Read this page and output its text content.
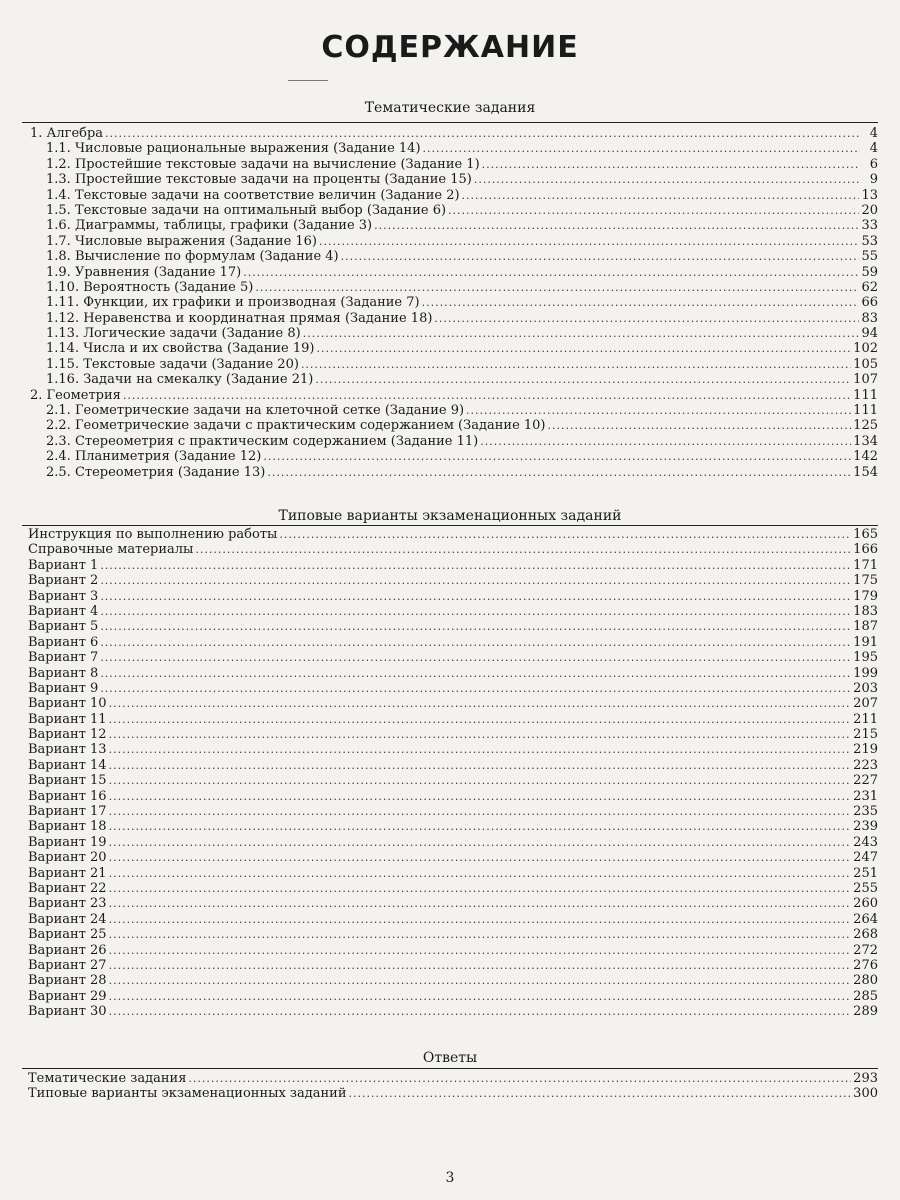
СОДЕРЖАНИЕ
Тематические задания
1. Алгебра .....	4
1.1. Числовые рациональные выражения (Задание 14) .....	4
1.2. Простейшие текстовые задачи на вычисление (Задание 1) .....	6
1.3. Простейшие текстовые задачи на проценты (Задание 15) .....	9
1.4. Текстовые задачи на соответствие величин (Задание 2) .....	13
1.5. Текстовые задачи на оптимальный выбор (Задание 6) .....	20
1.6. Диаграммы, таблицы, графики (Задание 3) .....	33
1.7. Числовые выражения (Задание 16) .....	53
1.8. Вычисление по формулам (Задание 4) .....	55
1.9. Уравнения (Задание 17) .....	59
1.10. Вероятность (Задание 5) .....	62
1.11. Функции, их графики и производная (Задание 7) .....	66
1.12. Неравенства и координатная прямая (Задание 18) .....	83
1.13. Логические задачи (Задание 8) .....	94
1.14. Числа и их свойства (Задание 19) .....	102
1.15. Текстовые задачи (Задание 20) .....	105
1.16. Задачи на смекалку (Задание 21) .....	107
2. Геометрия .....	111
2.1. Геометрические задачи на клеточной сетке (Задание 9) .....	111
2.2. Геометрические задачи с практическим содержанием (Задание 10) .....	125
2.3. Стереометрия с практическим содержанием (Задание 11) .....	134
2.4. Планиметрия (Задание 12) .....	142
2.5. Стереометрия (Задание 13) .....	154
Типовые варианты экзаменационных заданий
Инструкция по выполнению работы .....	165
Справочные материалы .....	166
Вариант 1 .....	171
Вариант 2 .....	175
Вариант 3 .....	179
Вариант 4 .....	183
Вариант 5 .....	187
Вариант 6 .....	191
Вариант 7 .....	195
Вариант 8 .....	199
Вариант 9 .....	203
Вариант 10 .....	207
Вариант 11 .....	211
Вариант 12 .....	215
Вариант 13 .....	219
Вариант 14 .....	223
Вариант 15 .....	227
Вариант 16 .....	231
Вариант 17 .....	235
Вариант 18 .....	239
Вариант 19 .....	243
Вариант 20 .....	247
Вариант 21 .....	251
Вариант 22 .....	255
Вариант 23 .....	260
Вариант 24 .....	264
Вариант 25 .....	268
Вариант 26 .....	272
Вариант 27 .....	276
Вариант 28 .....	280
Вариант 29 .....	285
Вариант 30 .....	289
Ответы
Тематические задания .....	293
Типовые варианты экзаменационных заданий .....	300
3
